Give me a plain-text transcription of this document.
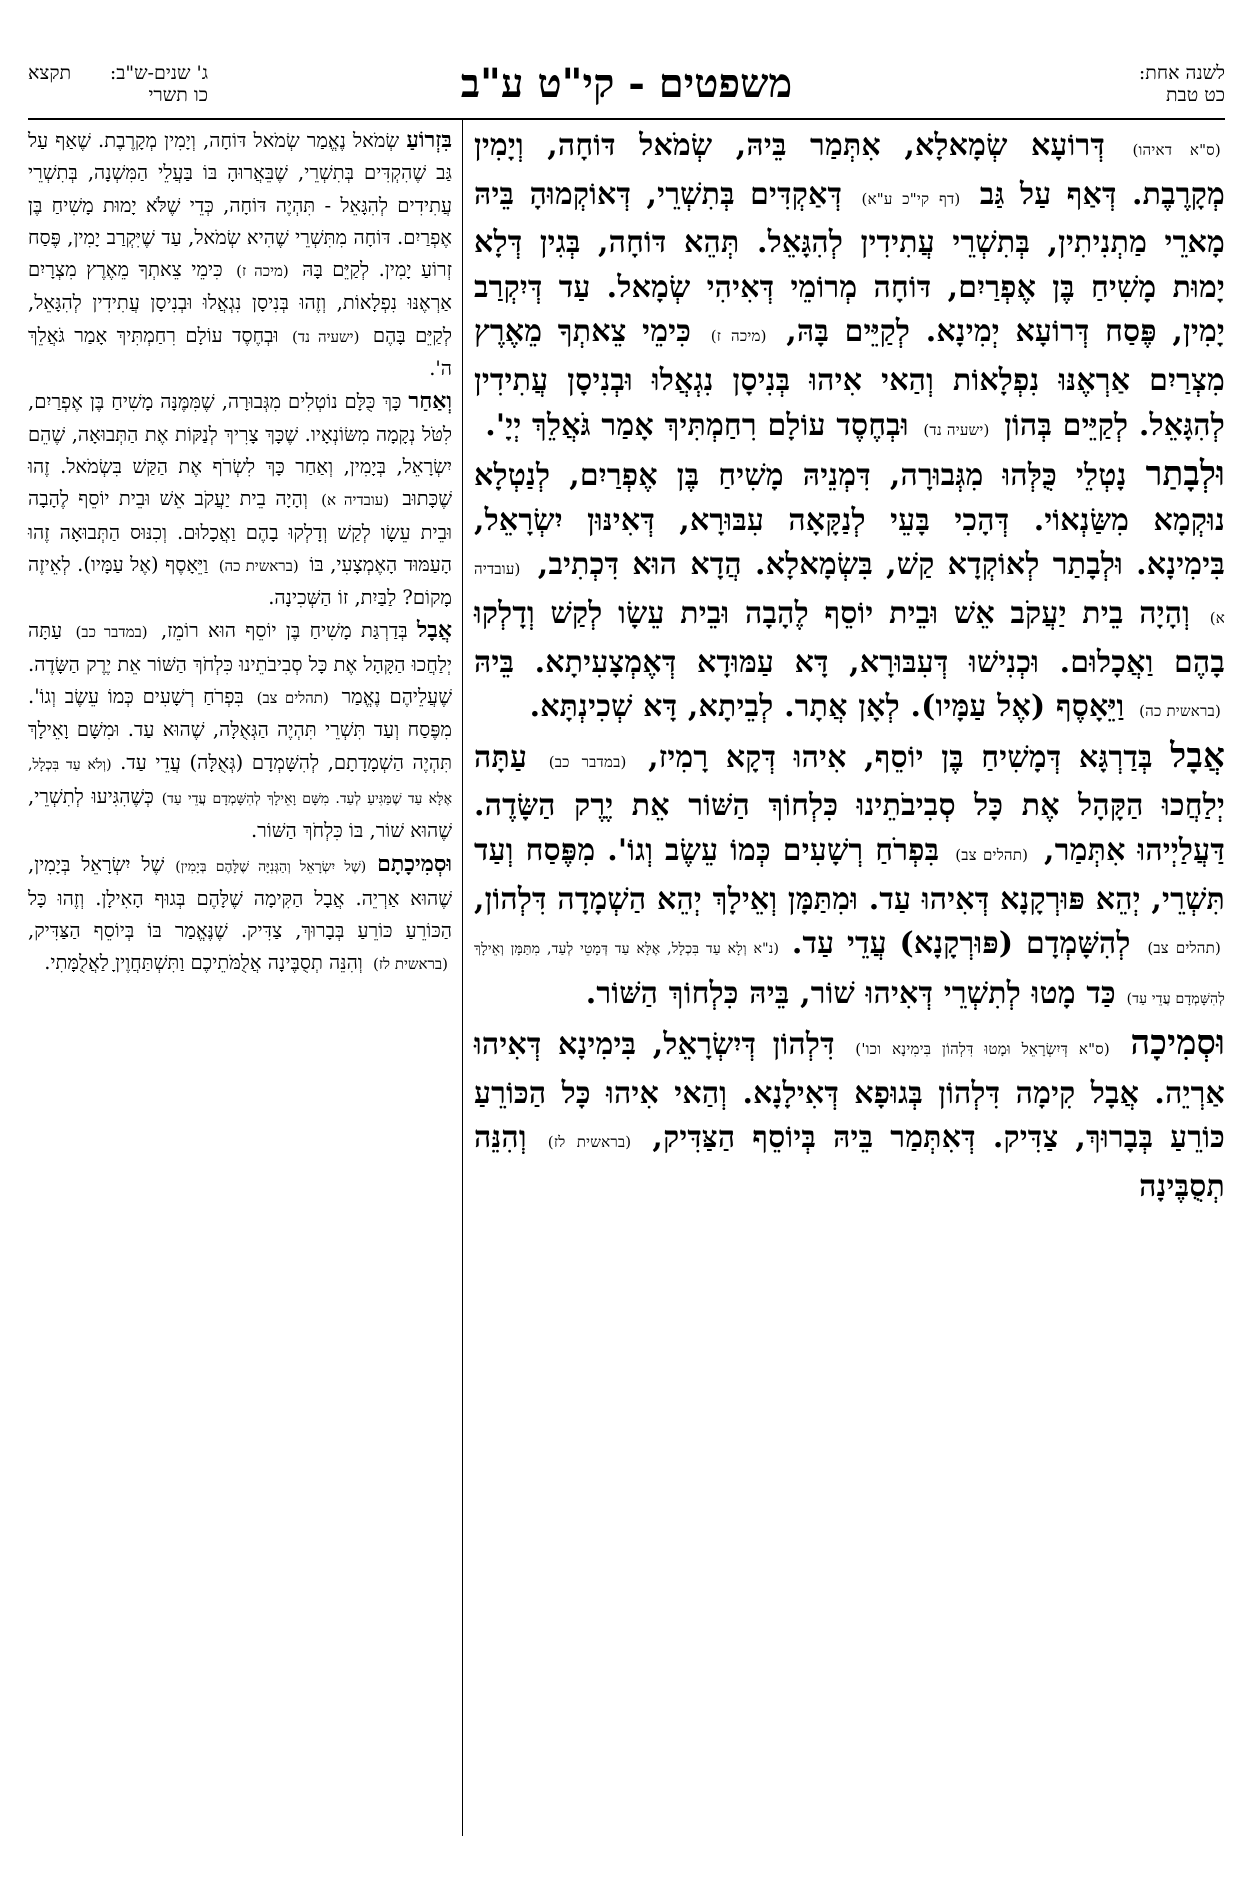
לשנה אחת:
כט טבת
משפטים - קי"ט ע"ב
ג' שנים-ש"ב:
תקצא
כו תשרי

(ס"א דאיהו) דְּרוֹעָא שְׂמָאלָא, אִתְּמַר בֵּיהּ, שְׂמֹאל דּוֹחָה, וְיָמִין מְקָרֶבֶת. דְּאַף עַל גַּב (דף קי"כ ע"א) דְּאַקְדִּים בְּתִשְׁרֵי, דְּאוֹקְמוּהָ בֵּיהּ מָארֵי מַתְנִיתִין, בְּתִשְׁרֵי עֲתִידִין לְהִגָּאֵל. תְּהֵא דּוֹחָה, בְּגִין דְּלָא יָמוּת מָשִׁיחַ בֶּן אֶפְרַיִם, דּוֹחָה מְרוֹמֵי דְּאִיהִי שְׂמָאל. עַד דְּיִקְרַב יָמִין, פֶּסַח דְּרוֹעָא יְמִינָא. לְקַיֵּים בָּהּ, (מיכה ז) כִּימֵי צֵאתְךָ מֵאֶרֶץ מִצְרַיִם אַרְאֶנּוּ נִפְלָאוֹת וְהַאי אִיהוּ בְּנִיסָן נִגְאֲלוּ וּבְנִיסָן עֲתִידִין לְהִגָּאֵל. לְקַיֵּים בְּהוֹן (ישעיה נד) וּבְחֶסֶד עוֹלָם רִחַמְתִּיךְ אָמַר גֹּאֲלֵךְ יְיָ'.

וּלְבָתַר נָטְלֵי כֻּלְּהוּ מִגְּבוּרָה, דִּמְנֵיהּ מָשִׁיחַ בֶּן אֶפְרַיִם, לְנַטְלָא נוּקְמָא מִשַּׂנְאוֹי. דְּהָכִי בָּעֵי לְנַקָּאָה עִבּוּרָא, דְּאִינּוּן יִשְׂרָאֵל, בִּימִינָא. וּלְבָתַר לְאוֹקְדָא קַשׁ, בִּשְׂמָאלָא. הֲדָא הוּא דִּכְתִיב, (עובדיה א) וְהָיָה בֵית יַעֲקֹב אֵשׁ וּבֵית יוֹסֵף לֶהָבָה וּבֵית עֵשָׂו לְקַשׁ וְדָלְקוּ בָהֶם וַאֲכָלוּם. וּכְנִישׁוּ דְּעִבּוּרָא, דָּא עַמּוּדָא דְּאֶמְצָעִיתָא. בֵּיהּ (בראשית כה) וַיֵּאָסֶף (אֶל עַמָּיו). לְאָן אֲתָר. לְבֵיתָא, דָּא שְׁכִינְתָּא.

אֲבָל בְּדַרְגָּא דְּמָשִׁיחַ בֶּן יוֹסֵף, אִיהוּ דְּקָא רָמִיז, (במדבר כב) עַתָּה יְלַחֲכוּ הַקָּהָל אֶת כָּל סְבִיבֹתֵינוּ כִּלְחוֹךְ הַשּׁוֹר אֵת יֶרֶק הַשָּׂדֶה. דַּעֲלַיְיהוּ אִתְּמַר, (תהלים צב) בִּפְרֹחַ רְשָׁעִים כְּמוֹ עֵשֶׂב וְגוֹ'. מִפֶּסַח וְעַד תִּשְׁרֵי, יְהֵא פּוּרְקָנָא דְּאִיהוּ עַד. וּמִתַּמָּן וְאֵילָךְ יְהֵא הַשְׁמָדָה דִּלְהוֹן, (תהלים צב) לְהִשָּׁמְדָם (פּוּרְקָנָא) עֲדֵי עַד. (נ"א וְלָא עַד בִּכְלָל, אֶלָּא עַד דְּמָטֵי לְעַד, מִתַּמָּן וְאֵילָךְ לְהִשָּׁמְדָם עֲדֵי עַד) כַּד מָטוּ לְתִשְׁרֵי דְּאִיהוּ שׁוֹר, בֵּיהּ כִּלְחוֹךְ הַשּׁוֹר.

וּסְמִיכָה (ס"א דְּיִשְׂרָאֵל וּמָטוּ דִּלְהוֹן בִּימִינָא וכו') דִּלְהוֹן דְּיִשְׂרָאֵל, בִּימִינָא דְּאִיהוּ אַרְיֵה. אֲבָל קִימָה דִּלְהוֹן בְּגוּפָא דְּאִילָנָא. וְהַאי אִיהוּ כָּל הַכּוֹרֵעַ כּוֹרֵעַ בְּבָרוּךְ, צַדִּיק. דְּאִתְּמַר בֵּיהּ בְּיוֹסֵף הַצַּדִּיק, (בראשית לז) וְהִנֵּה תְסֻבֶּינָה

בִּזְרוֹעַ שְׂמֹאל נֶאֱמַר שְׂמֹאל דּוֹחָה, וְיָמִין מְקָרֶבֶת. שֶׁאַף עַל גַּב שֶׁהִקְדִּים בְּתִשְׁרֵי, שֶׁבֵּאֲרוּהָ בּוֹ בַּעֲלֵי הַמִּשְׁנָה, בְּתִשְׁרֵי עֲתִידִים לְהִגָּאֵל - תִּהְיֶה דּוֹחָה, כְּדֵי שֶׁלֹּא יָמוּת מָשִׁיחַ בֶּן אֶפְרַיִם. דּוֹחָה מִתִּשְׁרֵי שֶׁהִיא שְׂמֹאל, עַד שֶׁיִּקְרַב יָמִין, פֶּסַח זְרוֹעַ יָמִין. לְקַיֵּם בָּהּ (מיכה ז) כִּימֵי צֵאתְךָ מֵאֶרֶץ מִצְרָיִם אַרְאֶנּוּ נִפְלָאוֹת, וְזֶהוּ בְּנִיסָן נִגְאֲלוּ וּבְנִיסָן עֲתִידִין לְהִגָּאֵל, לְקַיֵּם בָּהֶם (ישעיה נד) וּבְחֶסֶד עוֹלָם רִחַמְתִּיךְ אָמַר גֹּאֲלֵךְ ה'.

וְאַחַר כָּךְ כֻּלָּם נוֹטְלִים מִגְּבוּרָה, שֶׁמִּמֶּנָּה מָשִׁיחַ בֶּן אֶפְרַיִם, לִטֹּל נְקָמָה מִשּׂוֹנְאָיו. שֶׁכָּךְ צָרִיךְ לְנַקּוֹת אֶת הַתְּבוּאָה, שֶׁהֵם יִשְׂרָאֵל, בְּיָמִין, וְאַחַר כָּךְ לִשְׂרֹף אֶת הַקַּשׁ בִּשְׂמֹאל. זֶהוּ שֶׁכָּתוּב (עובדיה א) וְהָיָה בֵית יַעֲקֹב אֵשׁ וּבֵית יוֹסֵף לֶהָבָה וּבֵית עֵשָׂו לְקַשׁ וְדָלְקוּ בָהֶם וַאֲכָלוּם. וְכִנּוּס הַתְּבוּאָה זֶהוּ הָעַמּוּד הָאֶמְצָעִי, בּוֹ (בראשית כה) וַיֵּאָסֶף (אֶל עַמָּיו). לְאֵיזֶה מָקוֹם? לַבַּיִת, זוֹ הַשְּׁכִינָה.

אֲבָל בְּדַרְגַּת מָשִׁיחַ בֶּן יוֹסֵף הוּא רוֹמֵז, (במדבר כב) עַתָּה יְלַחֲכוּ הַקָּהָל אֶת כָּל סְבִיבֹתֵינוּ כִּלְחֹךְ הַשּׁוֹר אֵת יֶרֶק הַשָּׂדֶה. שֶׁעֲלֵיהֶם נֶאֱמַר (תהלים צב) בִּפְרֹחַ רְשָׁעִים כְּמוֹ עֵשֶׂב וְגוֹ'. מִפֶּסַח וְעַד תִּשְׁרֵי תִּהְיֶה הַגְּאֻלָּה, שֶׁהוּא עַד. וּמִשָּׁם וָאֵילָךְ תִּהְיֶה הַשְׁמָדָתָם, לְהִשָּׁמְדָם (גְּאֻלָּה) עֲדֵי עַד. (וְלֹא עַד בִּכְלָל, אֶלָּא עַד שֶׁמַּגִּיעַ לְעַד. מִשָּׁם וָאֵילָךְ לְהִשָּׁמְדָם עֲדֵי עַד) כְּשֶׁהִגִּיעוּ לְתִשְׁרֵי, שֶׁהוּא שׁוֹר, בּוֹ כִּלְחֹךְ הַשּׁוֹר.

וּסְמִיכָתָם (שֶׁל יִשְׂרָאֵל וְהַגְּנִיָּה שֶׁלָּהֶם בְּיָמִין) שֶׁל יִשְׂרָאֵל בְּיָמִין, שֶׁהוּא אַרְיֵה. אֲבָל הַקִּימָה שֶׁלָּהֶם בְּגוּף הָאִילָן. וְזֶהוּ כָּל הַכּוֹרֵעַ כּוֹרֵעַ בְּבָרוּךְ, צַדִּיק. שֶׁנֶּאֱמַר בּוֹ בְּיוֹסֵף הַצַּדִּיק, (בראשית לז) וְהִנֵּה תְסֻבֶּינָה אֲלֻמֹּתֵיכֶם וַתִּשְׁתַּחֲוֶיןָ לַאֲלֻמָּתִי.
